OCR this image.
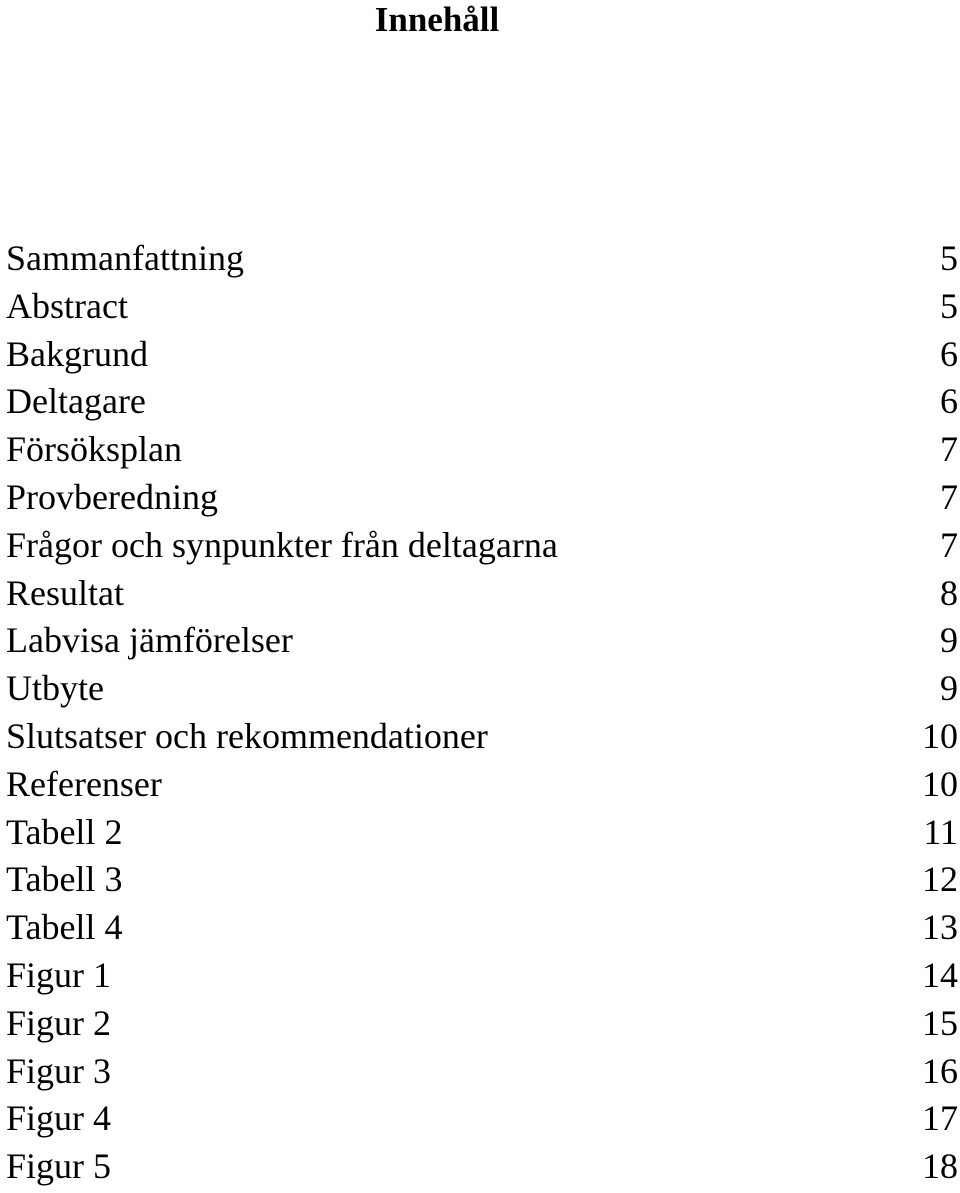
Innehåll
Sammanfattning	5
Abstract	5
Bakgrund	6
Deltagare	6
Försöksplan	7
Provberedning	7
Frågor och synpunkter från deltagarna	7
Resultat	8
Labvisa jämförelser	9
Utbyte	9
Slutsatser och rekommendationer	10
Referenser	10
Tabell 2	11
Tabell 3	12
Tabell 4	13
Figur 1	14
Figur 2	15
Figur 3	16
Figur 4	17
Figur 5	18
